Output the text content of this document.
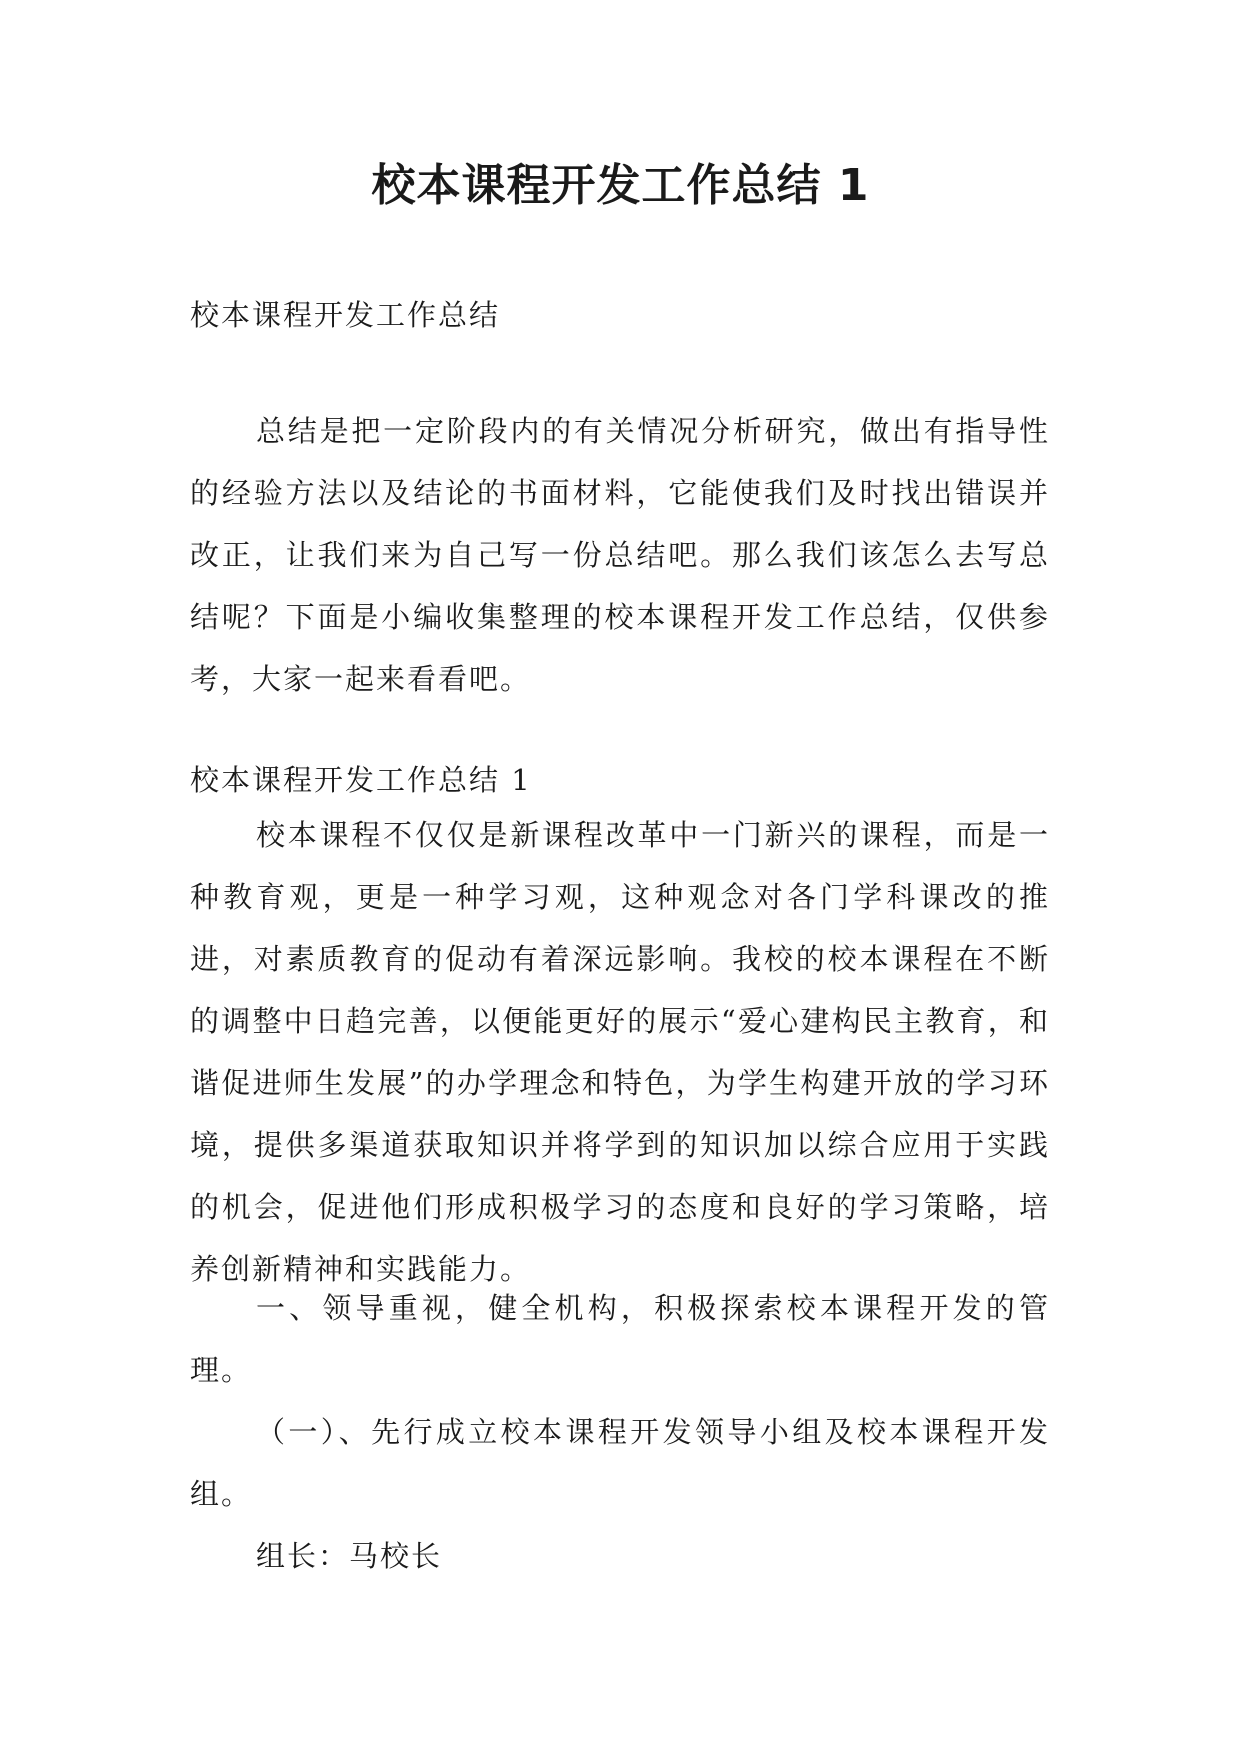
校本课程开发工作总结 1

校本课程开发工作总结

总结是把一定阶段内的有关情况分析研究，做出有指导性的经验方法以及结论的书面材料，它能使我们及时找出错误并改正，让我们来为自己写一份总结吧。那么我们该怎么去写总结呢？下面是小编收集整理的校本课程开发工作总结，仅供参考，大家一起来看看吧。

校本课程开发工作总结 1

校本课程不仅仅是新课程改革中一门新兴的课程，而是一种教育观，更是一种学习观，这种观念对各门学科课改的推进，对素质教育的促动有着深远影响。我校的校本课程在不断的调整中日趋完善，以便能更好的展示“爱心建构民主教育，和谐促进师生发展”的办学理念和特色，为学生构建开放的学习环境，提供多渠道获取知识并将学到的知识加以综合应用于实践的机会，促进他们形成积极学习的态度和良好的学习策略，培养创新精神和实践能力。

一、领导重视，健全机构，积极探索校本课程开发的管理。

（一）、先行成立校本课程开发领导小组及校本课程开发组。

组长：马校长
